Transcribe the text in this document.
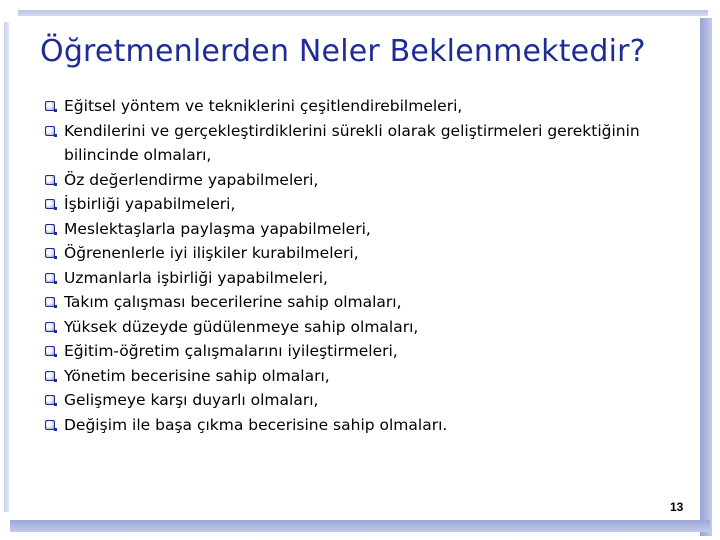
Öğretmenlerden Neler Beklenmektedir?
Eğitsel yöntem ve tekniklerini çeşitlendirebilmeleri,
Kendilerini ve gerçekleştirdiklerini sürekli olarak geliştirmeleri gerektiğinin bilincinde olmaları,
Öz değerlendirme yapabilmeleri,
İşbirliği yapabilmeleri,
Meslektaşlarla paylaşma yapabilmeleri,
Öğrenenlerle iyi ilişkiler kurabilmeleri,
Uzmanlarla işbirliği yapabilmeleri,
Takım çalışması becerilerine sahip olmaları,
Yüksek düzeyde güdülenmeye sahip olmaları,
Eğitim-öğretim çalışmalarını iyileştirmeleri,
Yönetim becerisine sahip olmaları,
Gelişmeye karşı duyarlı olmaları,
Değişim ile başa çıkma becerisine sahip olmaları.
13
